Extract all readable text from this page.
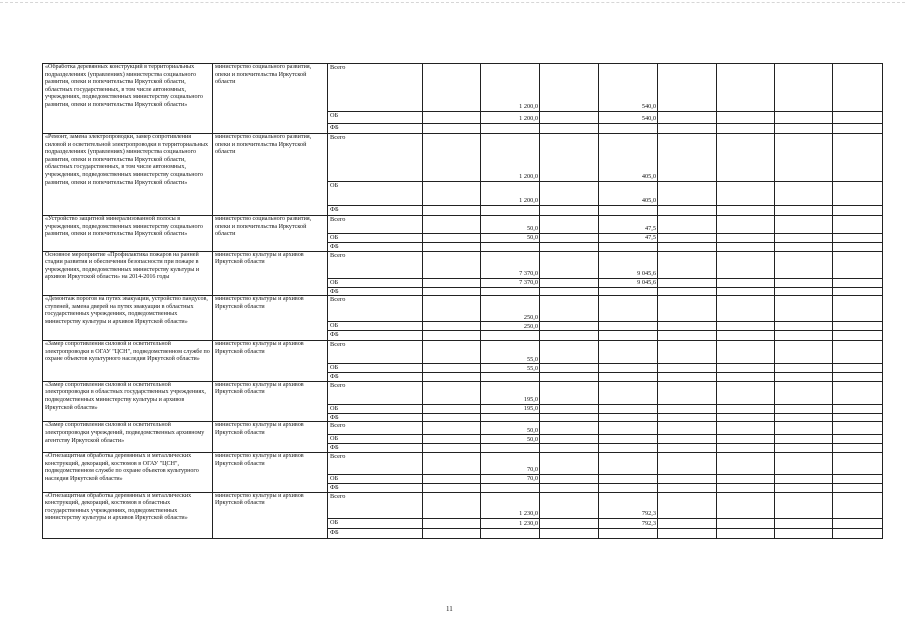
«Обработка деревянных конструкций в территориальных подразделениях (управлениях) министерства социального развития, опеки и попечительства Иркутской области, областных государственных, в том числе автономных, учреждениях, подведомственных министерству социального развития, опеки и попечительства Иркутской области»	министерство социального развития, опеки и попечительства Иркутской области	Всего		1 200,0		540,0				
		ОБ		1 200,0		540,0				
		ФБ								
«Ремонт, замена электропроводки, замер сопротивления силовой и осветительной электропроводки в территориальных подразделениях (управлениях) министерства социального развития, опеки и попечительства Иркутской области, областных государственных, в том числе автономных, учреждениях, подведомственных министерству социального развития, опеки и попечительства Иркутской области»	министерство социального развития, опеки и попечительства Иркутской области	Всего		1 200,0		405,0				
		ОБ		1 200,0		405,0				
		ФБ								
«Устройство защитной минерализованной полосы в учреждениях, подведомственных министерству социального развития, опеки и попечительства Иркутской области»	министерство социального развития, опеки и попечительства Иркутской области	Всего		50,0		47,5				
		ОБ		50,0		47,5				
		ФБ								
Основное мероприятие «Профилактика пожаров на ранней стадии развития и обеспечения безопасности при пожаре в учреждениях, подведомственных министерству культуры и архивов Иркутской области» на 2014-2016 годы	министерство культуры и архивов Иркутской области	Всего		7 370,0		9 045,6				
		ОБ		7 370,0		9 045,6				
		ФБ								
«Демонтаж порогов на путях эвакуации, устройство пандусов, ступеней, замена дверей на путях эвакуации в областных государственных учреждениях, подведомственных министерству культуры и архивов Иркутской области»	министерство культуры и архивов Иркутской области	Всего		250,0						
		ОБ		250,0						
		ФБ								
«Замер сопротивления силовой и осветительной электропроводки в ОГАУ "ЦСН", подведомственном службе по охране объектов культурного наследия Иркутской области»	министерство культуры и архивов Иркутской области	Всего		55,0						
		ОБ		55,0						
		ФБ								
«Замер сопротивления силовой и осветительной электропроводки в областных государственных учреждениях, подведомственных министерству культуры и архивов Иркутской области»	министерство культуры и архивов Иркутской области	Всего		195,0						
		ОБ		195,0						
		ФБ								
«Замер сопротивления силовой и осветительной электропроводки учреждений, подведомственных архивному агентству Иркутской области»	министерство культуры и архивов Иркутской области	Всего		50,0						
		ОБ		50,0						
		ФБ								
«Огнезащитная обработка деревянных и металлических конструкций, декораций, костюмов в ОГАУ "ЦСН", подведомственном службе по охране объектов культурного наследия Иркутской области»	министерство культуры и архивов Иркутской области	Всего		70,0						
		ОБ		70,0						
		ФБ								
«Огнезащитная обработка деревянных и металлических конструкций, декораций, костюмов в областных государственных учреждениях, подведомственных министерству культуры и архивов Иркутской области»	министерство культуры и архивов Иркутской области	Всего		1 230,0		792,3				
		ОБ		1 230,0		792,3				
		ФБ								
11
